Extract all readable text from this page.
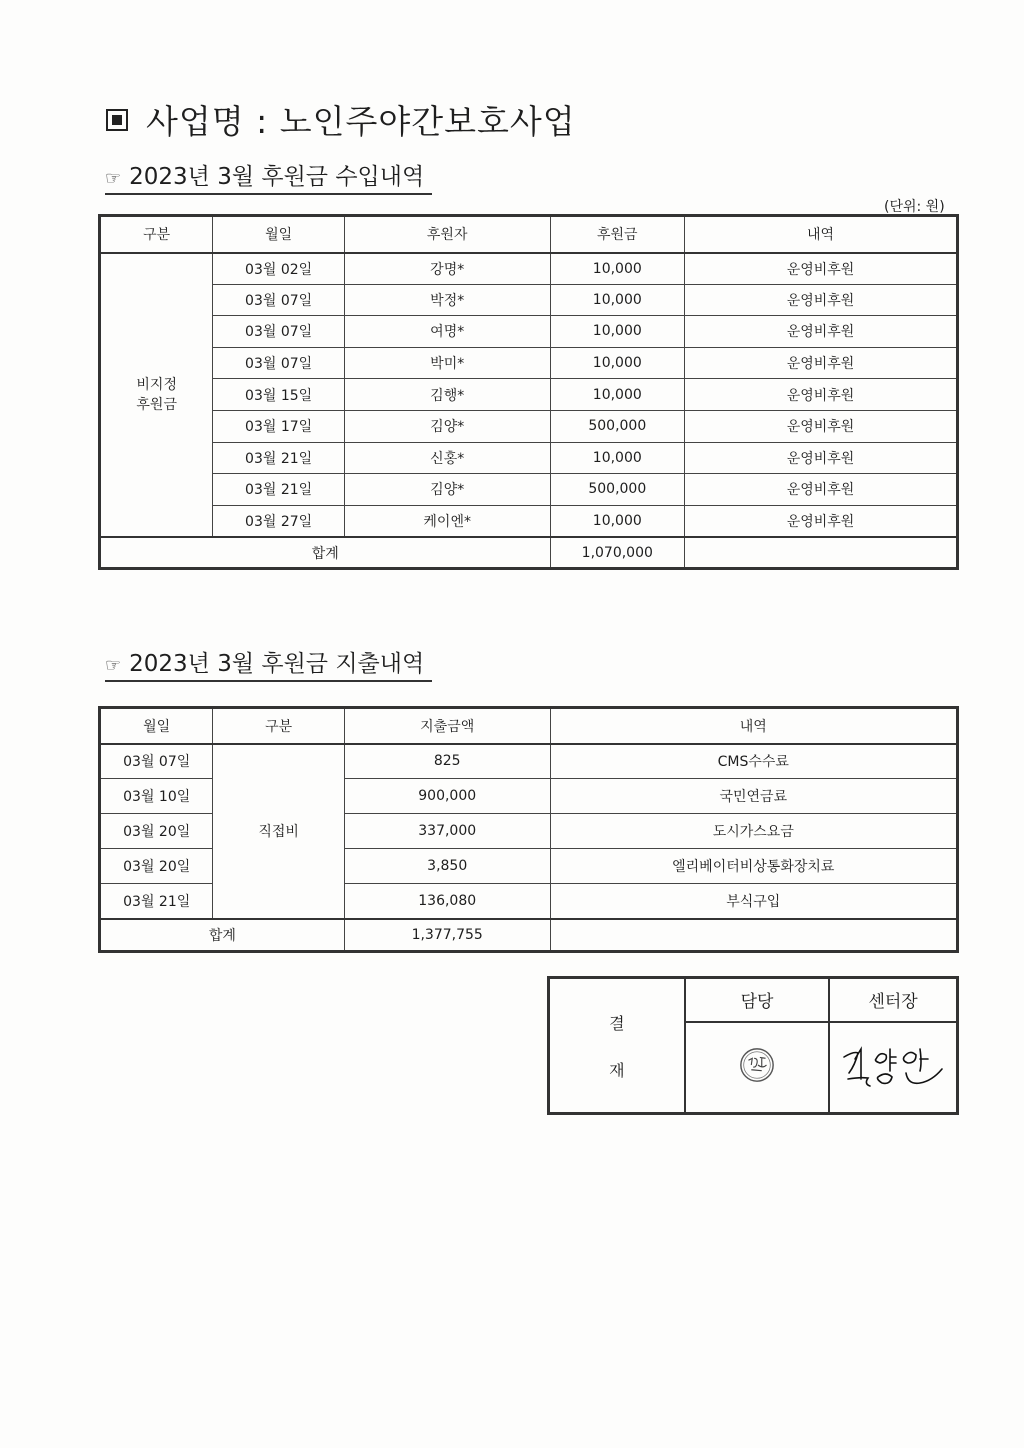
사업명 : 노인주야간보호사업
☞ 2023년 3월 후원금 수입내역
(단위: 원)
구분	월일	후원자	후원금	내역
비지정
후원금	03월 02일	강명*	10,000	운영비후원
	03월 07일	박정*	10,000	운영비후원
	03월 07일	여명*	10,000	운영비후원
	03월 07일	박미*	10,000	운영비후원
	03월 15일	김행*	10,000	운영비후원
	03월 17일	김양*	500,000	운영비후원
	03월 21일	신홍*	10,000	운영비후원
	03월 21일	김양*	500,000	운영비후원
	03월 27일	케이엔*	10,000	운영비후원
합계			1,070,000	
☞ 2023년 3월 후원금 지출내역
월일	구분	지출금액	내역
03월 07일	직접비	825	CMS수수료
03월 10일		900,000	국민연금료
03월 20일		337,000	도시가스요금
03월 20일		3,850	엘리베이터비상통화장치료
03월 21일		136,080	부식구입
합계		1,377,755	
결
재	담당	센터장
